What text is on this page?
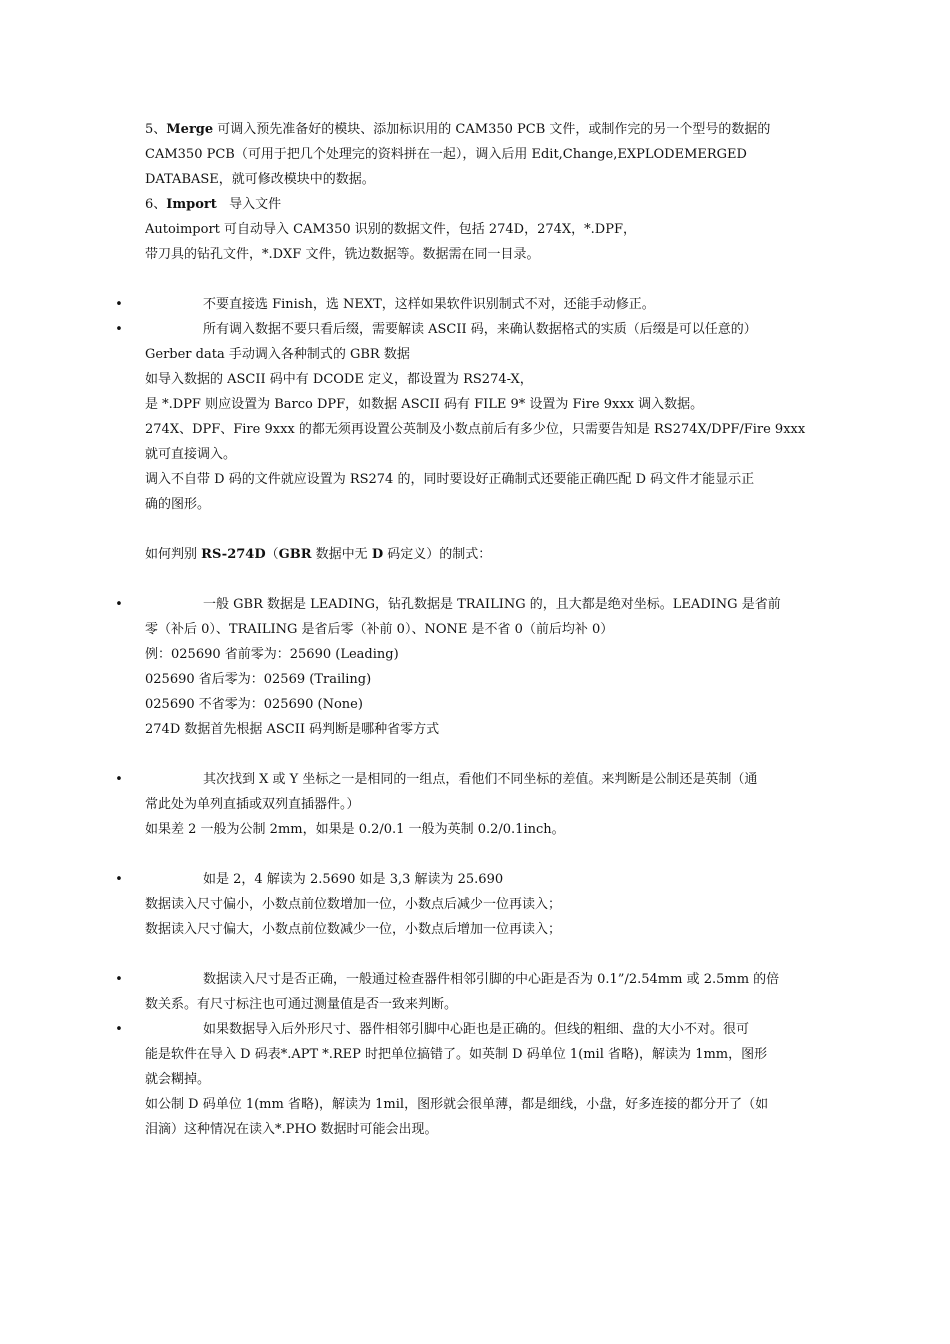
5、Merge 可调入预先准备好的模块、添加标识用的 CAM350 PCB 文件，或制作完的另一个型号的数据的
CAM350 PCB（可用于把几个处理完的资料拼在一起），调入后用 Edit,Change,EXPLODEMERGED
DATABASE，就可修改模块中的数据。
6、Import 导入文件
Autoimport 可自动导入 CAM350 识别的数据文件，包括 274D，274X，*.DPF，
带刀具的钻孔文件，*.DXF 文件，铣边数据等。数据需在同一目录。
•	不要直接选 Finish，选 NEXT，这样如果软件识别制式不对，还能手动修正。
•	所有调入数据不要只看后缀，需要解读 ASCII 码，来确认数据格式的实质（后缀是可以任意的）
Gerber data 手动调入各种制式的 GBR 数据
如导入数据的 ASCII 码中有 DCODE 定义，都设置为 RS274-X，
是 *.DPF 则应设置为 Barco DPF，如数据 ASCII 码有 FILE 9* 设置为 Fire 9xxx 调入数据。
274X、DPF、Fire 9xxx 的都无须再设置公英制及小数点前后有多少位，只需要告知是 RS274X/DPF/Fire 9xxx
就可直接调入。
调入不自带 D 码的文件就应设置为 RS274 的，同时要设好正确制式还要能正确匹配 D 码文件才能显示正
确的图形。
如何判别 RS-274D（GBR 数据中无 D 码定义）的制式：
•	一般 GBR 数据是 LEADING，钻孔数据是 TRAILING 的，且大都是绝对坐标。LEADING 是省前
零（补后 0）、TRAILING 是省后零（补前 0）、NONE 是不省 0（前后均补 0）
例：025690 省前零为：25690 (Leading)
025690 省后零为：02569 (Trailing)
025690 不省零为：025690 (None)
274D 数据首先根据 ASCII 码判断是哪种省零方式
•	其次找到 X 或 Y 坐标之一是相同的一组点，看他们不同坐标的差值。来判断是公制还是英制（通
常此处为单列直插或双列直插器件。）
如果差 2 一般为公制 2mm，如果是 0.2/0.1 一般为英制 0.2/0.1inch。
•	如是 2，4 解读为 2.5690 如是 3,3 解读为 25.690
数据读入尺寸偏小，小数点前位数增加一位，小数点后减少一位再读入；
数据读入尺寸偏大，小数点前位数减少一位，小数点后增加一位再读入；
•	数据读入尺寸是否正确，一般通过检查器件相邻引脚的中心距是否为 0.1”/2.54mm 或 2.5mm 的倍
数关系。有尺寸标注也可通过测量值是否一致来判断。
•	如果数据导入后外形尺寸、器件相邻引脚中心距也是正确的。但线的粗细、盘的大小不对。很可
能是软件在导入 D 码表*.APT *.REP 时把单位搞错了。如英制 D 码单位 1(mil 省略)，解读为 1mm，图形
就会糊掉。
如公制 D 码单位 1(mm 省略)，解读为 1mil，图形就会很单薄，都是细线，小盘，好多连接的都分开了（如
泪滴）这种情况在读入*.PHO 数据时可能会出现。
